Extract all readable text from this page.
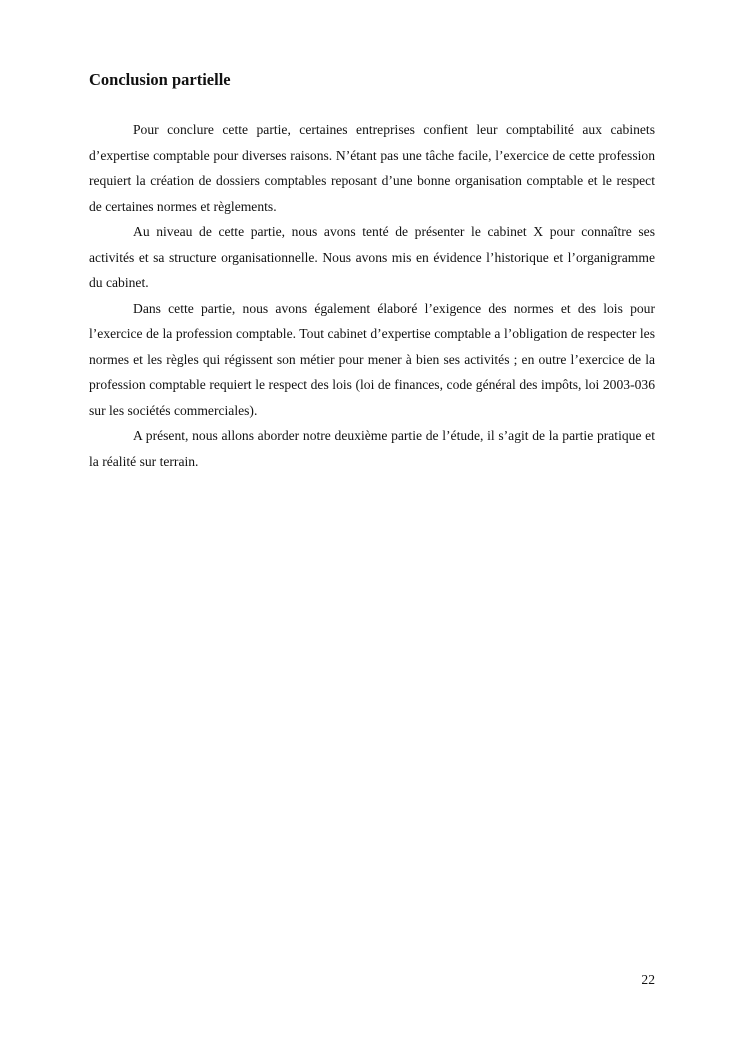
Conclusion partielle

Pour conclure cette partie, certaines entreprises confient leur comptabilité aux cabinets d’expertise comptable pour diverses raisons. N’étant pas une tâche facile, l’exercice de cette profession requiert la création de dossiers comptables reposant d’une bonne organisation comptable et le respect de certaines normes et règlements.

Au niveau de cette partie, nous avons tenté de présenter le cabinet X pour connaître ses activités et sa structure organisationnelle. Nous avons mis en évidence l’historique et l’organigramme du cabinet.

Dans cette partie, nous avons également élaboré l’exigence des normes et des lois pour l’exercice de la profession comptable. Tout cabinet d’expertise comptable a l’obligation de respecter les normes et les règles qui régissent son métier pour mener à bien ses activités ; en outre l’exercice de la profession comptable requiert le respect des lois (loi de finances, code général des impôts, loi 2003-036 sur les sociétés commerciales).

A présent, nous allons aborder notre deuxième partie de l’étude, il s’agit de la partie pratique et la réalité sur terrain.

22
